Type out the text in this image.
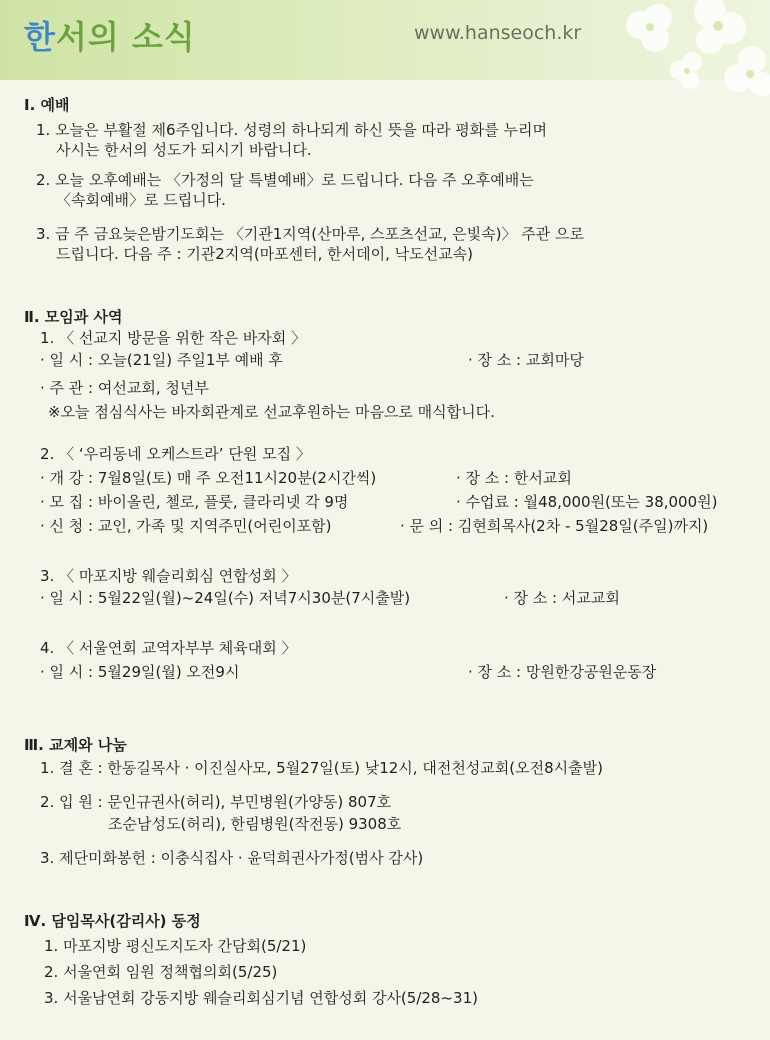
한서의 소식	www.hanseoch.kr
Ⅰ. 예배
1. 오늘은 부활절 제6주입니다. 성령의 하나되게 하신 뜻을 따라 평화를 누리며
사시는 한서의 성도가 되시기 바랍니다.
2. 오늘 오후예배는 〈가정의 달 특별예배〉로 드립니다. 다음 주 오후예배는
〈속회예배〉로 드립니다.
3. 금 주 금요늦은밤기도회는 〈기관1지역(산마루, 스포츠선교, 은빛속)〉 주관 으로
드립니다. 다음 주 : 기관2지역(마포센터, 한서데이, 낙도선교속)
Ⅱ. 모임과 사역
1. 〈 선교지 방문을 위한 작은 바자회 〉
· 일 시 : 오늘(21일) 주일1부 예배 후	· 장 소 : 교회마당
· 주 관 : 여선교회, 청년부
※오늘 점심식사는 바자회관계로 선교후원하는 마음으로 매식합니다.
2. 〈 ‘우리동네 오케스트라’ 단원 모집 〉
· 개 강 : 7월8일(토) 매 주 오전11시20분(2시간씩)	· 장 소 : 한서교회
· 모 집 : 바이올린, 첼로, 플룻, 클라리넷 각 9명	· 수업료 : 월48,000원(또는 38,000원)
· 신 청 : 교인, 가족 및 지역주민(어린이포함)	· 문 의 : 김현희목사(2차 - 5월28일(주일)까지)
3. 〈 마포지방 웨슬리회심 연합성회 〉
· 일 시 : 5월22일(월)~24일(수) 저녁7시30분(7시출발)	· 장 소 : 서교교회
4. 〈 서울연회 교역자부부 체육대회 〉
· 일 시 : 5월29일(월) 오전9시	· 장 소 : 망원한강공원운동장
Ⅲ. 교제와 나눔
1. 결 혼 : 한동길목사 · 이진실사모, 5월27일(토) 낮12시, 대전천성교회(오전8시출발)
2. 입 원 : 문인규권사(허리), 부민병원(가양동) 807호
조순남성도(허리), 한림병원(작전동) 9308호
3. 제단미화봉헌 : 이충식집사 · 윤덕희권사가정(범사 감사)
Ⅳ. 담임목사(감리사) 동정
1. 마포지방 평신도지도자 간담회(5/21)
2. 서울연회 임원 정책협의회(5/25)
3. 서울남연회 강동지방 웨슬리회심기념 연합성회 강사(5/28~31)
